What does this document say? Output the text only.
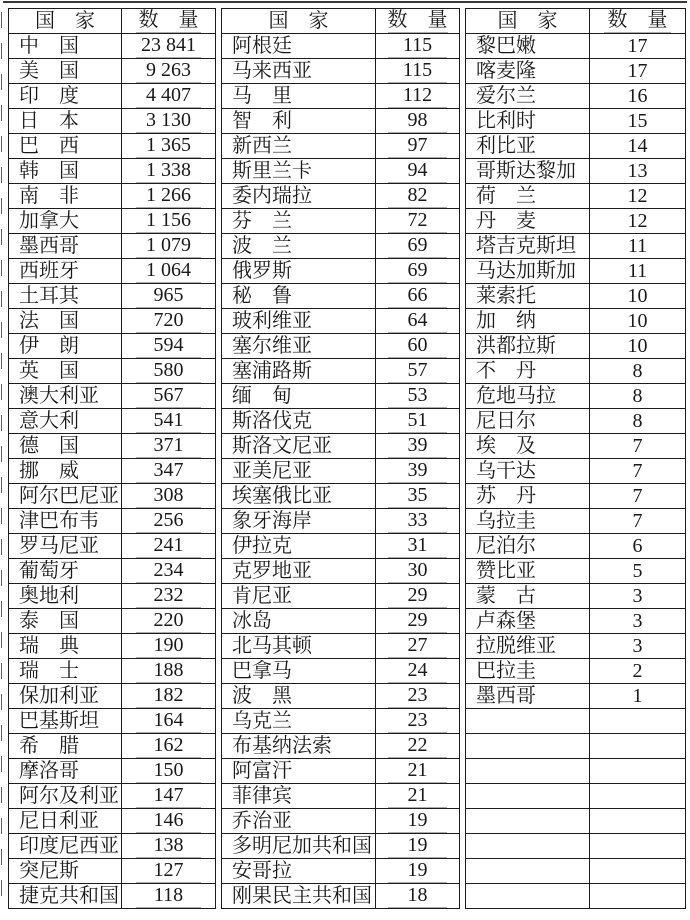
国　家	数　量
中　国	23 841
美　国	9 263
印　度	4 407
日　本	3 130
巴　西	1 365
韩　国	1 338
南　非	1 266
加拿大	1 156
墨西哥	1 079
西班牙	1 064
土耳其	965
法　国	720
伊　朗	594
英　国	580
澳大利亚	567
意大利	541
德　国	371
挪　威	347
阿尔巴尼亚	308
津巴布韦	256
罗马尼亚	241
葡萄牙	234
奥地利	232
泰　国	220
瑞　典	190
瑞　士	188
保加利亚	182
巴基斯坦	164
希　腊	162
摩洛哥	150
阿尔及利亚	147
尼日利亚	146
印度尼西亚	138
突尼斯	127
捷克共和国	118
国　家	数　量
阿根廷	115
马来西亚	115
马　里	112
智　利	98
新西兰	97
斯里兰卡	94
委内瑞拉	82
芬　兰	72
波　兰	69
俄罗斯	69
秘　鲁	66
玻利维亚	64
塞尔维亚	60
塞浦路斯	57
缅　甸	53
斯洛伐克	51
斯洛文尼亚	39
亚美尼亚	39
埃塞俄比亚	35
象牙海岸	33
伊拉克	31
克罗地亚	30
肯尼亚	29
冰岛	29
北马其顿	27
巴拿马	24
波　黑	23
乌克兰	23
布基纳法索	22
阿富汗	21
菲律宾	21
乔治亚	19
多明尼加共和国	19
安哥拉	19
刚果民主共和国	18
国　家	数　量
黎巴嫩	17
喀麦隆	17
爱尔兰	16
比利时	15
利比亚	14
哥斯达黎加	13
荷　兰	12
丹　麦	12
塔吉克斯坦	11
马达加斯加	11
莱索托	10
加　纳	10
洪都拉斯	10
不　丹	8
危地马拉	8
尼日尔	8
埃　及	7
乌干达	7
苏　丹	7
乌拉圭	7
尼泊尔	6
赞比亚	5
蒙　古	3
卢森堡	3
拉脱维亚	3
巴拉圭	2
墨西哥	1
